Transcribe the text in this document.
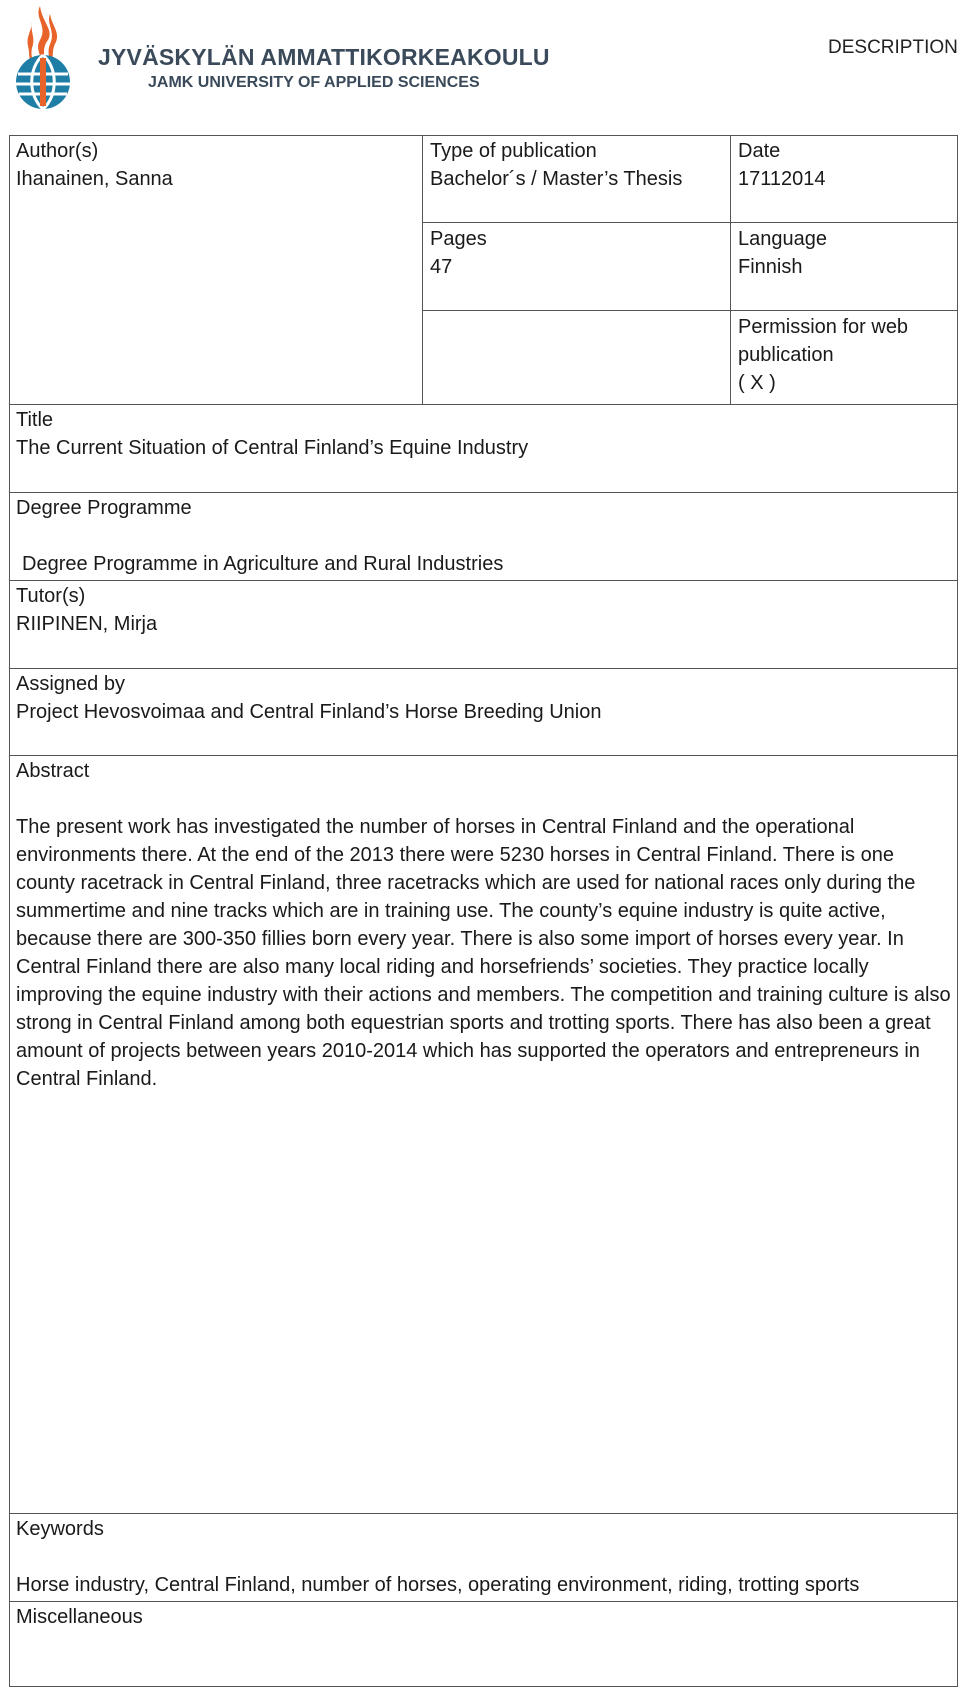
JYVÄSKYLÄN AMMATTIKORKEAKOULU
JAMK UNIVERSITY OF APPLIED SCIENCES
DESCRIPTION
Author(s)
Ihanainen, Sanna
Type of publication
Bachelor´s / Master’s Thesis
Date
17112014
Pages
47
Language
Finnish
Permission for web
publication
( X )
Title
The Current Situation of Central Finland’s Equine Industry
Degree Programme
Degree Programme in Agriculture and Rural Industries
Tutor(s)
RIIPINEN, Mirja
Assigned by
Project Hevosvoimaa and Central Finland’s Horse Breeding Union
Abstract
The present work has investigated the number of horses in Central Finland and the operational environments there. At the end of the 2013 there were 5230 horses in Central Finland. There is one county racetrack in Central Finland, three racetracks which are used for national races only during the summertime and nine tracks which are in training use. The county’s equine industry is quite active, because there are 300-350 fillies born every year. There is also some import of horses every year. In Central Finland there are also many local riding and horsefriends’ societies. They practice locally improving the equine industry with their actions and members. The competition and training culture is also strong in Central Finland among both equestrian sports and trotting sports. There has also been a great amount of projects between years 2010-2014 which has supported the operators and entrepreneurs in Central Finland.
Keywords
Horse industry, Central Finland, number of horses, operating environment, riding, trotting sports
Miscellaneous
